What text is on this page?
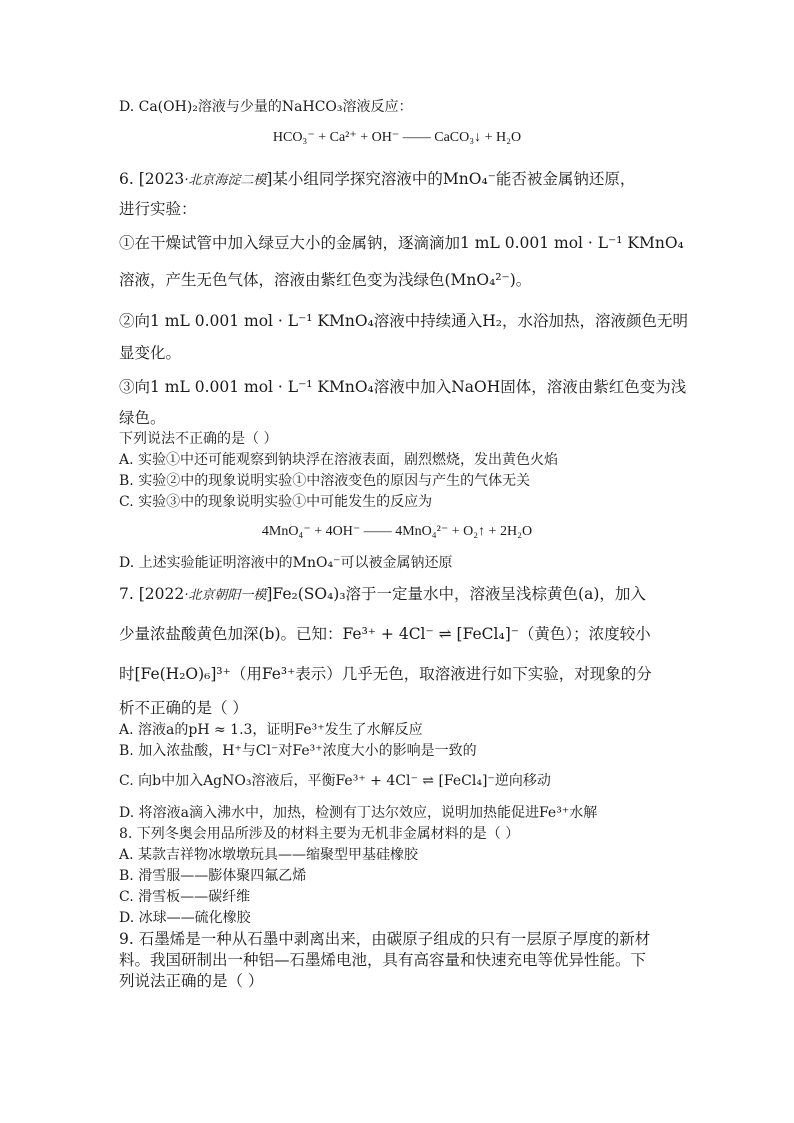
D. Ca(OH)₂溶液与少量的NaHCO₃溶液反应：
HCO₃⁻ + Ca²⁺ + OH⁻ —— CaCO₃↓ + H₂O
6. [2023·北京海淀二模]某小组同学探究溶液中的MnO₄⁻能否被金属钠还原，
进行实验：
①在干燥试管中加入绿豆大小的金属钠，逐滴滴加1 mL 0.001 mol · L⁻¹ KMnO₄
溶液，产生无色气体，溶液由紫红色变为浅绿色(MnO₄²⁻)。
②向1 mL 0.001 mol · L⁻¹ KMnO₄溶液中持续通入H₂，水浴加热，溶液颜色无明
显变化。
③向1 mL 0.001 mol · L⁻¹ KMnO₄溶液中加入NaOH固体，溶液由紫红色变为浅
绿色。
下列说法不正确的是（ ）
A. 实验①中还可能观察到钠块浮在溶液表面，剧烈燃烧，发出黄色火焰
B. 实验②中的现象说明实验①中溶液变色的原因与产生的气体无关
C. 实验③中的现象说明实验①中可能发生的反应为
4MnO₄⁻ + 4OH⁻ —— 4MnO₄²⁻ + O₂↑ + 2H₂O
D. 上述实验能证明溶液中的MnO₄⁻可以被金属钠还原
7. [2022·北京朝阳一模]Fe₂(SO₄)₃溶于一定量水中，溶液呈浅棕黄色(a)，加入
少量浓盐酸黄色加深(b)。已知：Fe³⁺ + 4Cl⁻ ⇌ [FeCl₄]⁻（黄色）；浓度较小
时[Fe(H₂O)₆]³⁺（用Fe³⁺表示）几乎无色，取溶液进行如下实验，对现象的分
析不正确的是（ ）
A. 溶液a的pH ≈ 1.3，证明Fe³⁺发生了水解反应
B. 加入浓盐酸，H⁺与Cl⁻对Fe³⁺浓度大小的影响是一致的
C. 向b中加入AgNO₃溶液后，平衡Fe³⁺ + 4Cl⁻ ⇌ [FeCl₄]⁻逆向移动
D. 将溶液a滴入沸水中，加热，检测有丁达尔效应，说明加热能促进Fe³⁺水解
8. 下列冬奥会用品所涉及的材料主要为无机非金属材料的是（ ）
A. 某款吉祥物冰墩墩玩具——缩聚型甲基硅橡胶
B. 滑雪服——膨体聚四氟乙烯
C. 滑雪板——碳纤维
D. 冰球——硫化橡胶
9. 石墨烯是一种从石墨中剥离出来，由碳原子组成的只有一层原子厚度的新材
料。我国研制出一种铝—石墨烯电池，具有高容量和快速充电等优异性能。下
列说法正确的是（ ）
